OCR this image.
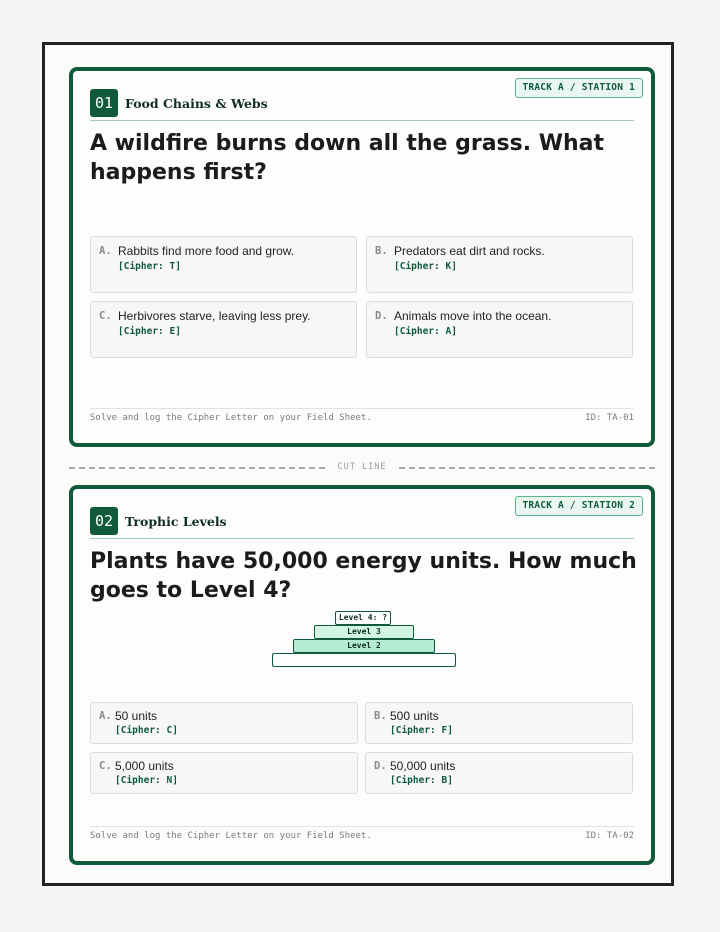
TRACK A / STATION 1
01 Food Chains & Webs

A wildfire burns down all the grass. What happens first?

A. Rabbits find more food and grow.
[Cipher: T]
B. Predators eat dirt and rocks.
[Cipher: K]
C. Herbivores starve, leaving less prey.
[Cipher: E]
D. Animals move into the ocean.
[Cipher: A]
Solve and log the Cipher Letter on your Field Sheet.	ID: TA-01
CUT LINE
TRACK A / STATION 2
02 Trophic Levels

Plants have 50,000 energy units. How much goes to Level 4?

Level 4: ?
Level 3
Level 2
A. 50 units
[Cipher: C]
B. 500 units
[Cipher: F]
C. 5,000 units
[Cipher: N]
D. 50,000 units
[Cipher: B]
Solve and log the Cipher Letter on your Field Sheet.	ID: TA-02
